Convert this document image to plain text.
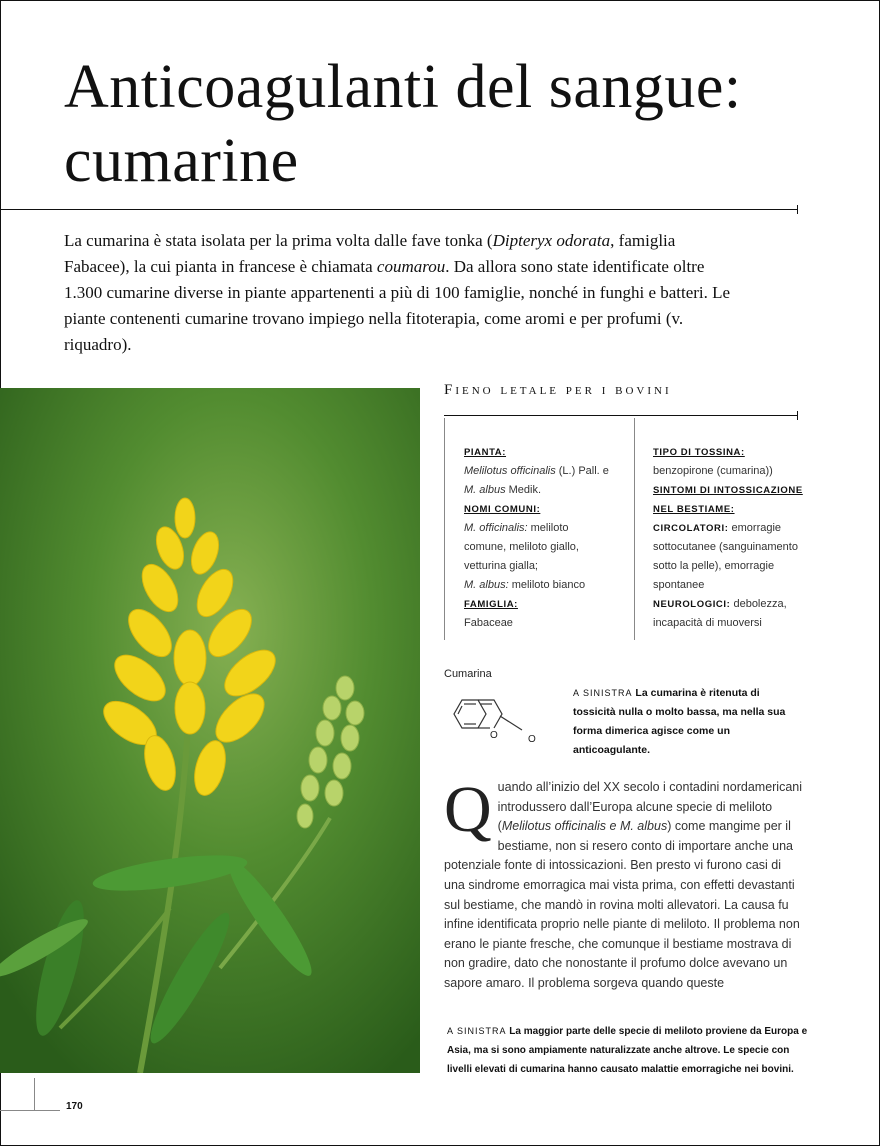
Anticoagulanti del sangue:
cumarine

La cumarina è stata isolata per la prima volta dalle fave tonka (Dipteryx odorata, famiglia Fabacee), la cui pianta in francese è chiamata coumarou. Da allora sono state identificate oltre 1.300 cumarine diverse in piante appartenenti a più di 100 famiglie, nonché in funghi e batteri. Le piante contenenti cumarine trovano impiego nella fitoterapia, come aromi e per profumi (v. riquadro).

Fieno letale per i bovini
PIANTA:
Melilotus officinalis (L.) Pall. e
M. albus Medik.
NOMI COMUNI:
M. officinalis: meliloto
comune, meliloto giallo,
vetturina gialla;
M. albus: meliloto bianco
FAMIGLIA:
Fabaceae
TIPO DI TOSSINA:
benzopirone (cumarina))
SINTOMI DI INTOSSICAZIONE
NEL BESTIAME:
CIRCOLATORI: emorragie
sottocutanee (sanguinamento
sotto la pelle), emorragie
spontanee
NEUROLOGICI: debolezza,
incapacità di muoversi
Cumarina
O	O
A SINISTRA La cumarina è ritenuta di
tossicità nulla o molto bassa, ma nella sua
forma dimerica agisce come un
anticoagulante.

Quando all’inizio del XX secolo i contadini nordamericani introdussero dall’Europa alcune specie di meliloto (Melilotus officinalis e M. albus) come mangime per il bestiame, non si resero conto di importare anche una potenziale fonte di intossicazioni. Ben presto vi furono casi di una sindrome emorragica mai vista prima, con effetti devastanti sul bestiame, che mandò in rovina molti allevatori. La causa fu infine identificata proprio nelle piante di meliloto. Il problema non erano le piante fresche, che comunque il bestiame mostrava di non gradire, dato che nonostante il profumo dolce avevano un sapore amaro. Il problema sorgeva quando queste

A SINISTRA La maggior parte delle specie di meliloto proviene da Europa e
Asia, ma si sono ampiamente naturalizzate anche altrove. Le specie con
livelli elevati di cumarina hanno causato malattie emorragiche nei bovini.
170
